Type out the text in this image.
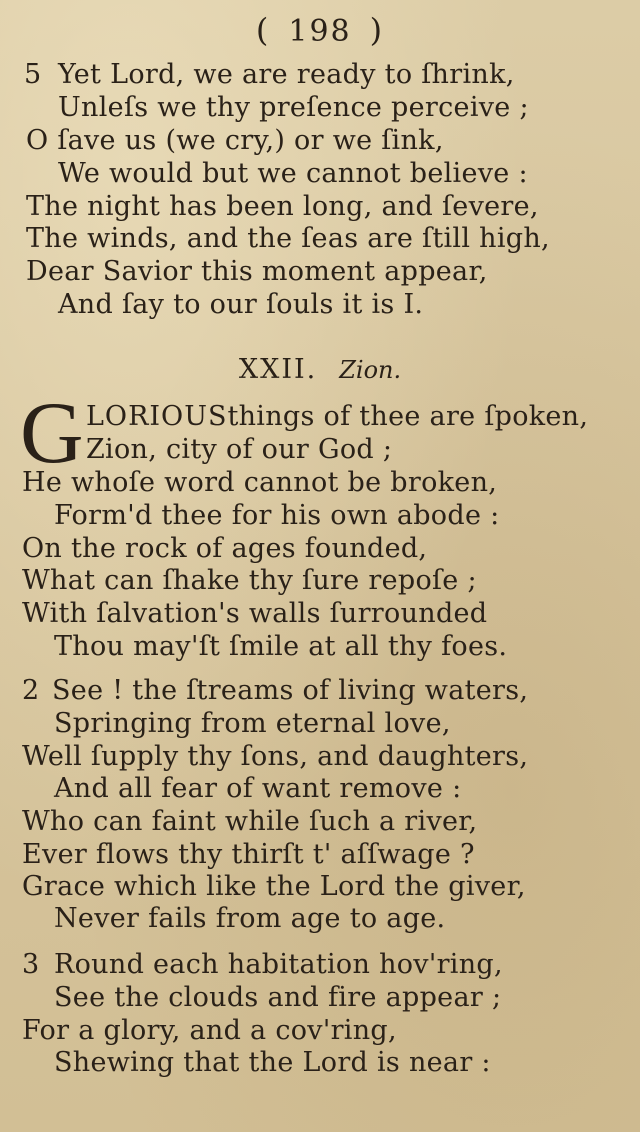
( 198 )
5 Yet Lord, we are ready to ſhrink,
Unleſs we thy preſence perceive ;
O ſave us (we cry,) or we ſink,
We would but we cannot believe :
The night has been long, and ſevere,
The winds, and the ſeas are ſtill high,
Dear Savior this moment appear,
And ſay to our ſouls it is I.
XXII. Zion.
G LORIOUSthings of thee are ſpoken,
Zion, city of our God ;
He whoſe word cannot be broken,
Form'd thee for his own abode :
On the rock of ages founded,
What can ſhake thy ſure repoſe ;
With ſalvation's walls ſurrounded
Thou may'ſt ſmile at all thy foes.
2 See ! the ſtreams of living waters,
Springing from eternal love,
Well ſupply thy ſons, and daughters,
And all fear of want remove :
Who can faint while ſuch a river,
Ever flows thy thirſt t' aſſwage ?
Grace which like the Lord the giver,
Never fails from age to age.
3 Round each habitation hov'ring,
See the clouds and fire appear ;
For a glory, and a cov'ring,
Shewing that the Lord is near :
